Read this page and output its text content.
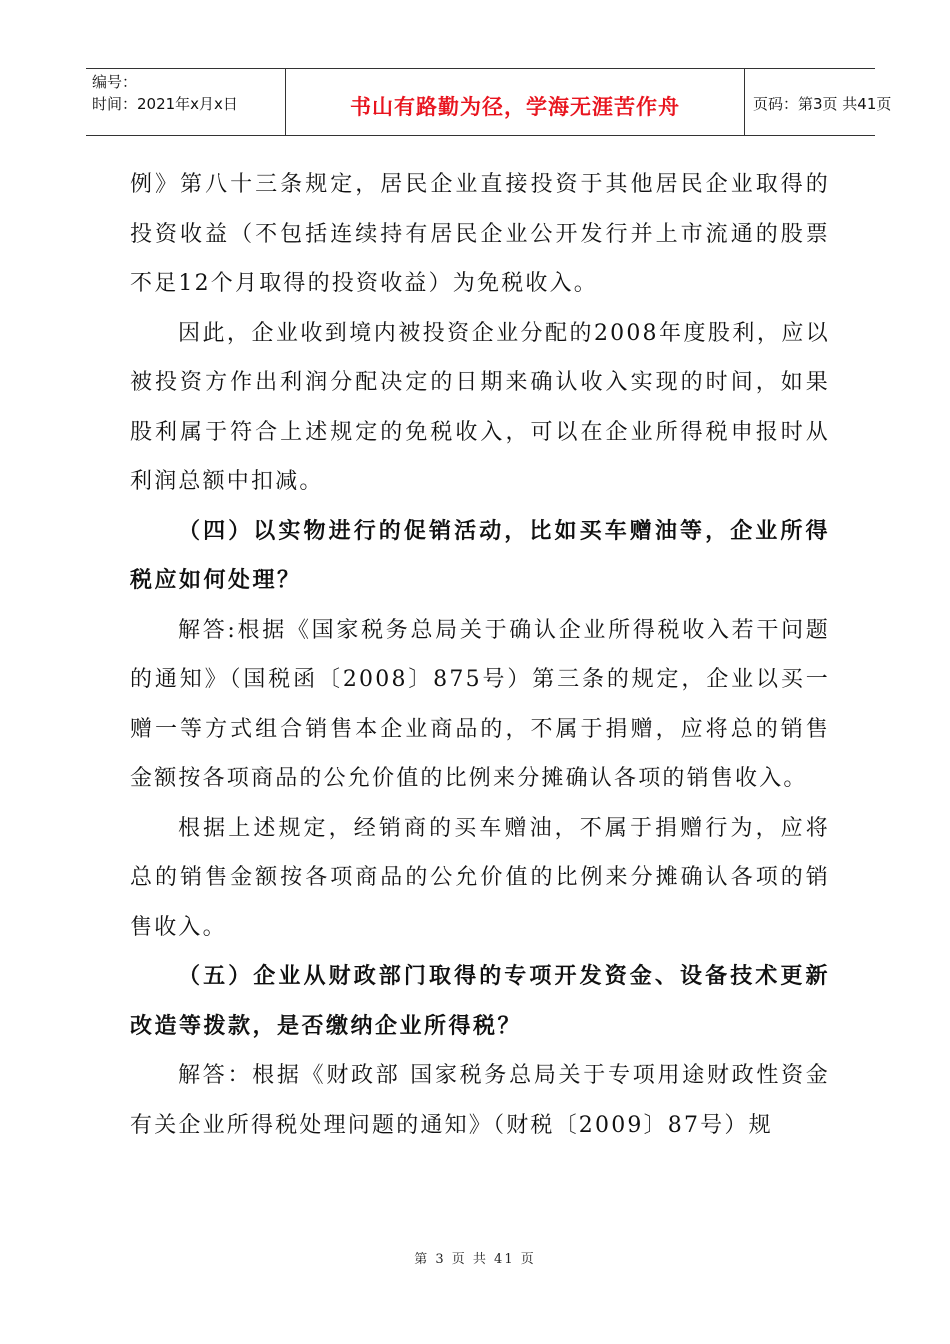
编号：
时间：2021年x月x日	书山有路勤为径，学海无涯苦作舟	页码：第3页 共41页

例》第八十三条规定，居民企业直接投资于其他居民企业取得的投资收益（不包括连续持有居民企业公开发行并上市流通的股票不足12个月取得的投资收益）为免税收入。

因此，企业收到境内被投资企业分配的2008年度股利，应以被投资方作出利润分配决定的日期来确认收入实现的时间，如果股利属于符合上述规定的免税收入，可以在企业所得税申报时从利润总额中扣减。

（四）以实物进行的促销活动，比如买车赠油等，企业所得税应如何处理？

解答:根据《国家税务总局关于确认企业所得税收入若干问题的通知》（国税函〔2008〕875号）第三条的规定，企业以买一赠一等方式组合销售本企业商品的，不属于捐赠，应将总的销售金额按各项商品的公允价值的比例来分摊确认各项的销售收入。

根据上述规定，经销商的买车赠油，不属于捐赠行为，应将总的销售金额按各项商品的公允价值的比例来分摊确认各项的销售收入。

（五）企业从财政部门取得的专项开发资金、设备技术更新改造等拨款，是否缴纳企业所得税？

解答：根据《财政部 国家税务总局关于专项用途财政性资金有关企业所得税处理问题的通知》（财税〔2009〕87号）规

第 3 页 共 41 页
